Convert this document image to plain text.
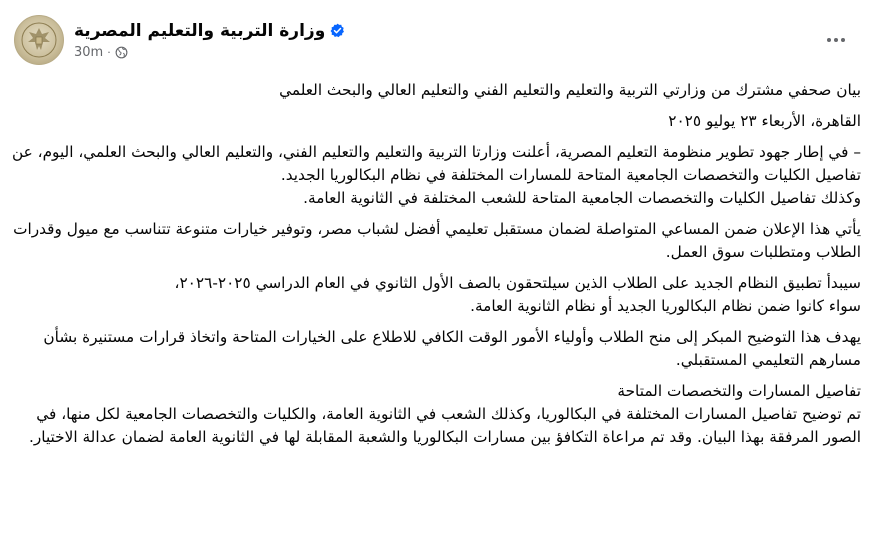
وزارة التربية والتعليم المصرية
30m ·

بيان صحفي مشترك من وزارتي التربية والتعليم والتعليم الفني والتعليم العالي والبحث العلمي

القاهرة، الأربعاء ٢٣ يوليو ٢٠٢٥

– في إطار جهود تطوير منظومة التعليم المصرية، أعلنت وزارتا التربية والتعليم والتعليم الفني، والتعليم العالي والبحث العلمي، اليوم، عن تفاصيل الكليات والتخصصات الجامعية المتاحة للمسارات المختلفة في نظام البكالوريا الجديد.
وكذلك تفاصيل الكليات والتخصصات الجامعية المتاحة للشعب المختلفة في الثانوية العامة.

يأتي هذا الإعلان ضمن المساعي المتواصلة لضمان مستقبل تعليمي أفضل لشباب مصر، وتوفير خيارات متنوعة تتناسب مع ميول وقدرات الطلاب ومتطلبات سوق العمل.

سيبدأ تطبيق النظام الجديد على الطلاب الذين سيلتحقون بالصف الأول الثانوي في العام الدراسي ٢٠٢٥-٢٠٢٦،
سواء كانوا ضمن نظام البكالوريا الجديد أو نظام الثانوية العامة.

يهدف هذا التوضيح المبكر إلى منح الطلاب وأولياء الأمور الوقت الكافي للاطلاع على الخيارات المتاحة واتخاذ قرارات مستنيرة بشأن مسارهم التعليمي المستقبلي.

تفاصيل المسارات والتخصصات المتاحة
تم توضيح تفاصيل المسارات المختلفة في البكالوريا، وكذلك الشعب في الثانوية العامة، والكليات والتخصصات الجامعية لكل منها، في الصور المرفقة بهذا البيان. وقد تم مراعاة التكافؤ بين مسارات البكالوريا والشعبة المقابلة لها في الثانوية العامة لضمان عدالة الاختيار.
